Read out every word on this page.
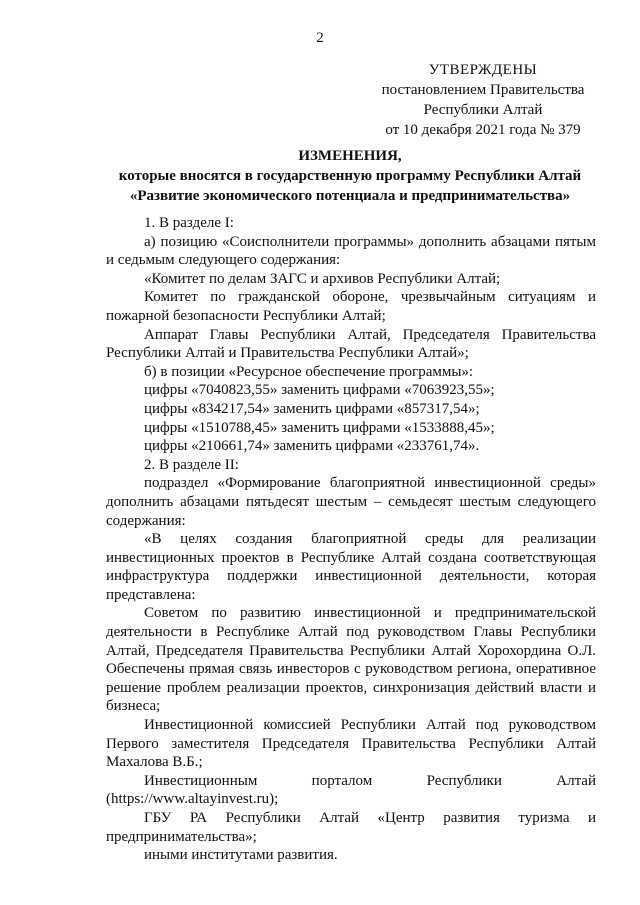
2
УТВЕРЖДЕНЫ
постановлением Правительства
Республики Алтай
от 10 декабря 2021 года № 379
ИЗМЕНЕНИЯ,
которые вносятся в государственную программу Республики Алтай
«Развитие экономического потенциала и предпринимательства»

1. В разделе I:

а) позицию «Соисполнители программы» дополнить абзацами пятым и седьмым следующего содержания:

«Комитет по делам ЗАГС и архивов Республики Алтай;

Комитет по гражданской обороне, чрезвычайным ситуациям и пожарной безопасности Республики Алтай;

Аппарат Главы Республики Алтай, Председателя Правительства Республики Алтай и Правительства Республики Алтай»;

б) в позиции «Ресурсное обеспечение программы»:

цифры «7040823,55» заменить цифрами «7063923,55»;

цифры «834217,54» заменить цифрами «857317,54»;

цифры «1510788,45» заменить цифрами «1533888,45»;

цифры «210661,74» заменить цифрами «233761,74».

2. В разделе II:

подраздел «Формирование благоприятной инвестиционной среды» дополнить абзацами пятьдесят шестым – семьдесят шестым следующего содержания:

«В целях создания благоприятной среды для реализации инвестиционных проектов в Республике Алтай создана соответствующая инфраструктура поддержки инвестиционной деятельности, которая представлена:

Советом по развитию инвестиционной и предпринимательской деятельности в Республике Алтай под руководством Главы Республики Алтай, Председателя Правительства Республики Алтай Хорохордина О.Л. Обеспечены прямая связь инвесторов с руководством региона, оперативное решение проблем реализации проектов, синхронизация действий власти и бизнеса;

Инвестиционной комиссией Республики Алтай под руководством Первого заместителя Председателя Правительства Республики Алтай Махалова В.Б.;

Инвестиционным порталом Республики Алтай (https://www.altayinvest.ru);

ГБУ РА Республики Алтай «Центр развития туризма и предпринимательства»;

иными институтами развития.
